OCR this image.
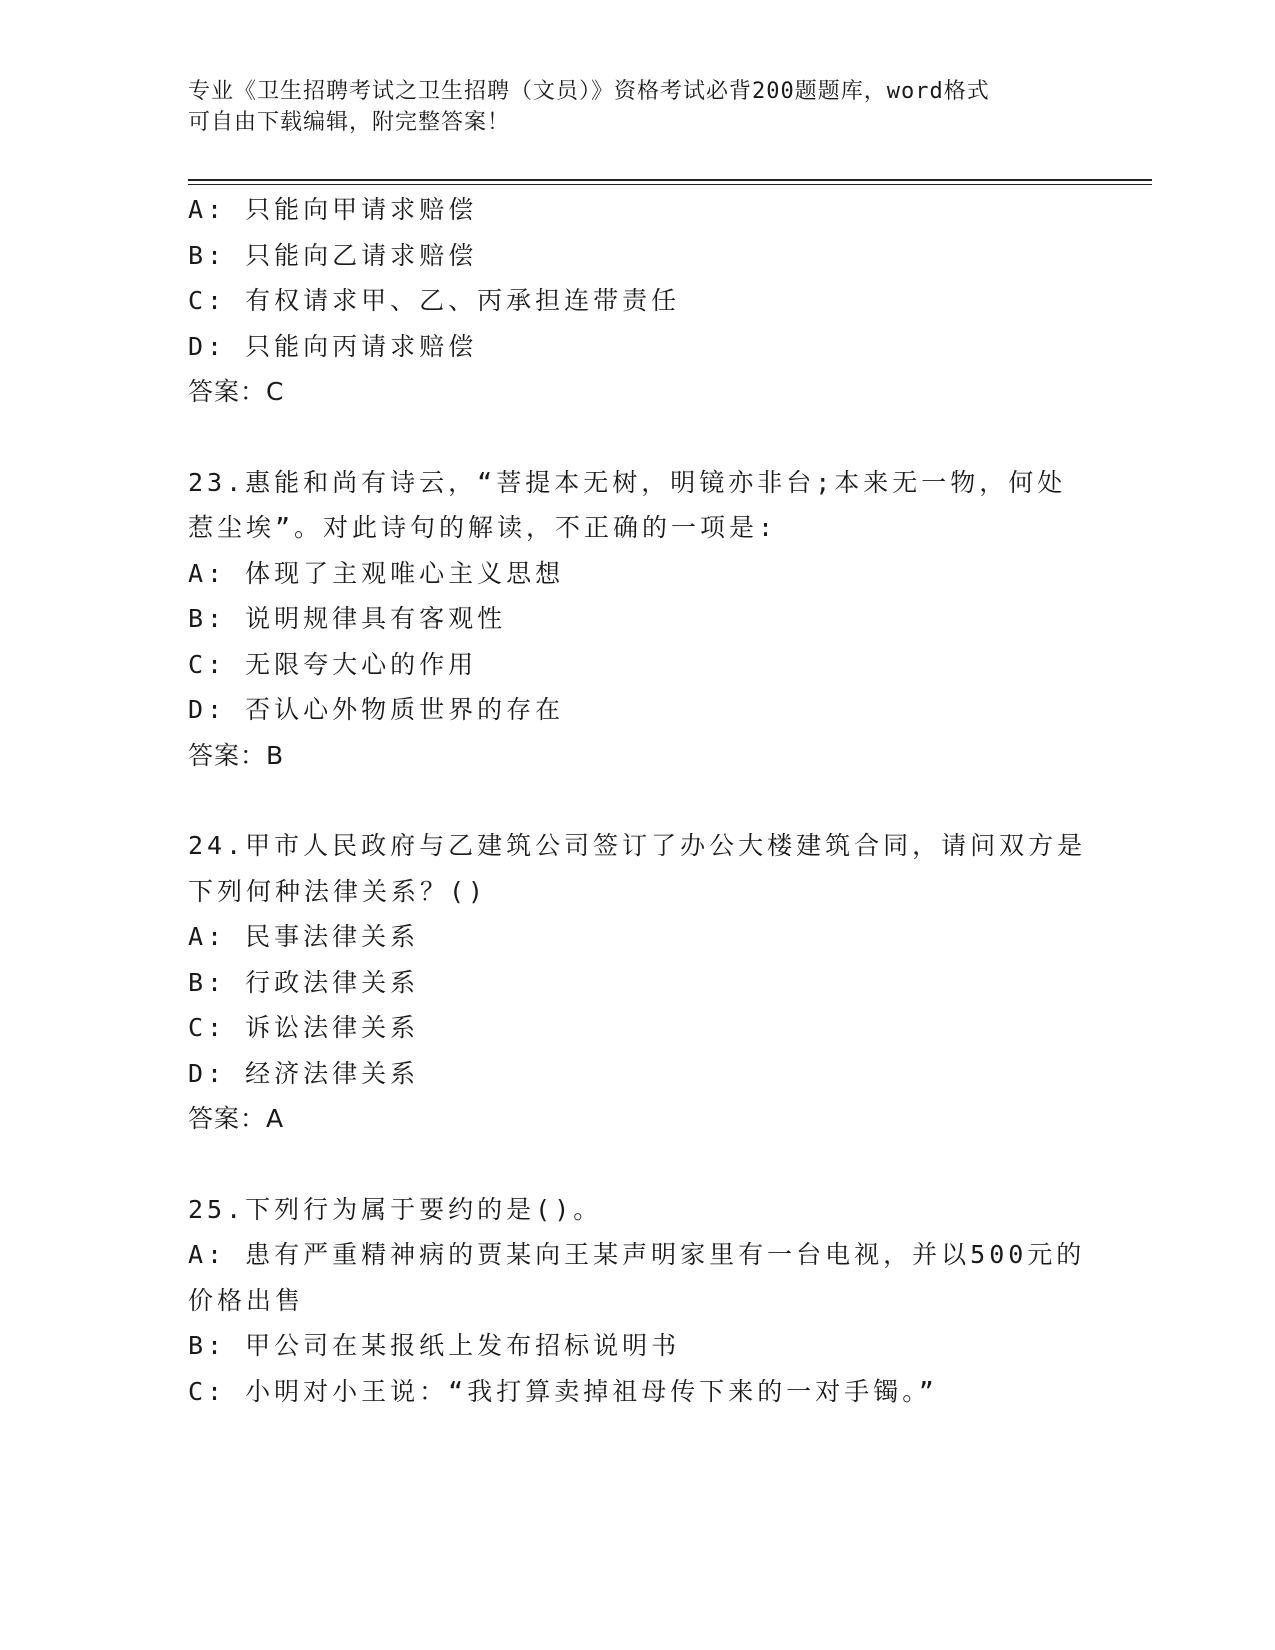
专业《卫生招聘考试之卫生招聘（文员）》资格考试必背200题题库，word格式
可自由下载编辑，附完整答案！
A: 只能向甲请求赔偿
B: 只能向乙请求赔偿
C: 有权请求甲、乙、丙承担连带责任
D: 只能向丙请求赔偿
答案：C
23.惠能和尚有诗云，“菩提本无树，明镜亦非台;本来无一物，何处
惹尘埃”。对此诗句的解读，不正确的一项是:
A: 体现了主观唯心主义思想
B: 说明规律具有客观性
C: 无限夸大心的作用
D: 否认心外物质世界的存在
答案：B
24.甲市人民政府与乙建筑公司签订了办公大楼建筑合同，请问双方是
下列何种法律关系？()
A: 民事法律关系
B: 行政法律关系
C: 诉讼法律关系
D: 经济法律关系
答案：A
25.下列行为属于要约的是()。
A: 患有严重精神病的贾某向王某声明家里有一台电视，并以500元的
价格出售
B: 甲公司在某报纸上发布招标说明书
C: 小明对小王说：“我打算卖掉祖母传下来的一对手镯。”
